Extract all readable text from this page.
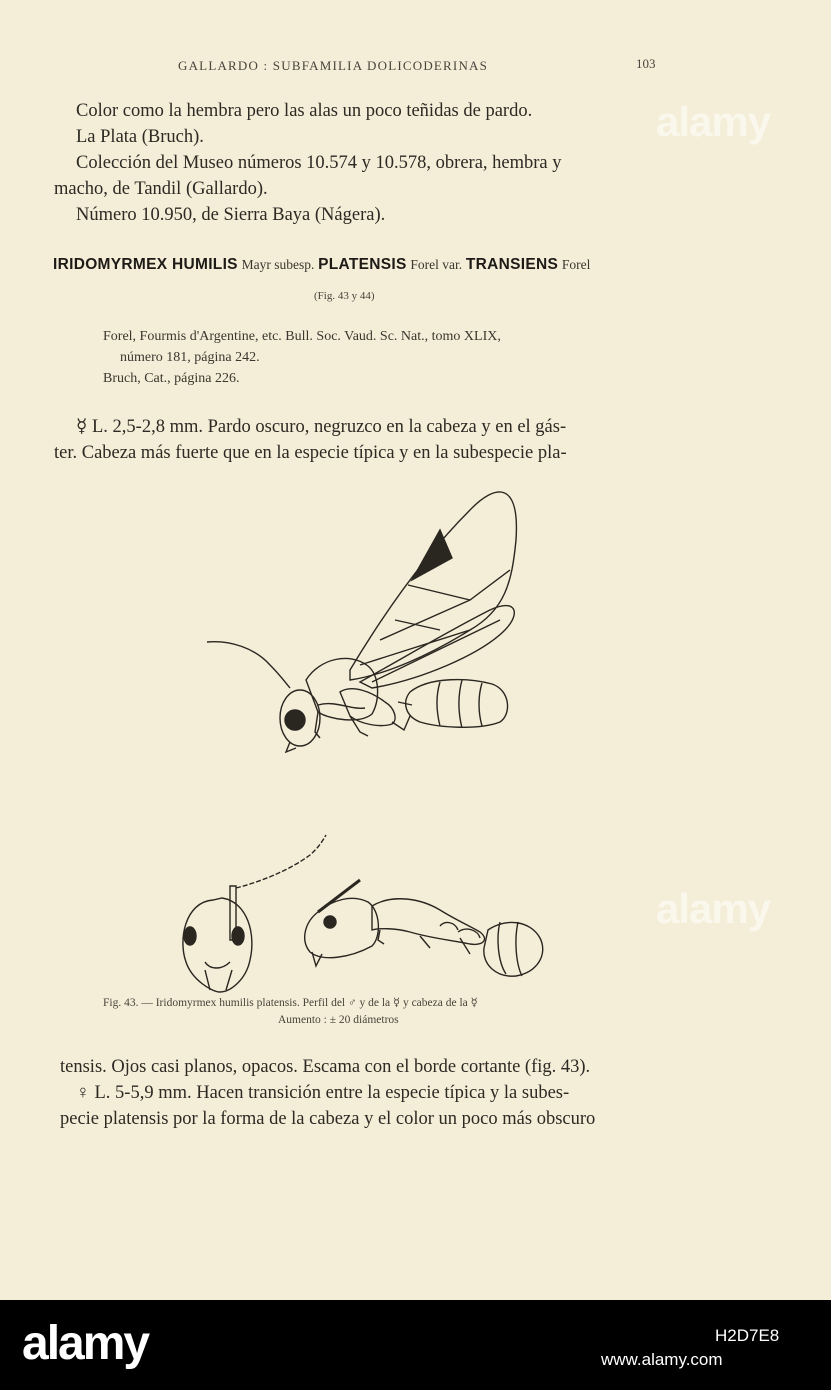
GALLARDO : SUBFAMILIA DOLICODERINAS	103
Color como la hembra pero las alas un poco teñidas de pardo.
La Plata (Bruch).
Colección del Museo números 10.574 y 10.578, obrera, hembra y
macho, de Tandil (Gallardo).
Número 10.950, de Sierra Baya (Nágera).
IRIDOMYRMEX HUMILIS Mayr subesp. PLATENSIS Forel var. TRANSIENS Forel
(Fig. 43 y 44)
Forel, Fourmis d'Argentine, etc. Bull. Soc. Vaud. Sc. Nat., tomo XLIX,
número 181, página 242.
Bruch, Cat., página 226.
☿ L. 2,5-2,8 mm. Pardo oscuro, negruzco en la cabeza y en el gás-
ter. Cabeza más fuerte que en la especie típica y en la subespecie pla-
Fig. 43. — Iridomyrmex humilis platensis. Perfil del ♂ y de la ☿ y cabeza de la ☿
Aumento : ± 20 diámetros
tensis. Ojos casi planos, opacos. Escama con el borde cortante (fig. 43).
♀ L. 5-5,9 mm. Hacen transición entre la especie típica y la subes-
pecie platensis por la forma de la cabeza y el color un poco más obscuro
alamy
alamy
alamy	H2D7E8
www.alamy.com
